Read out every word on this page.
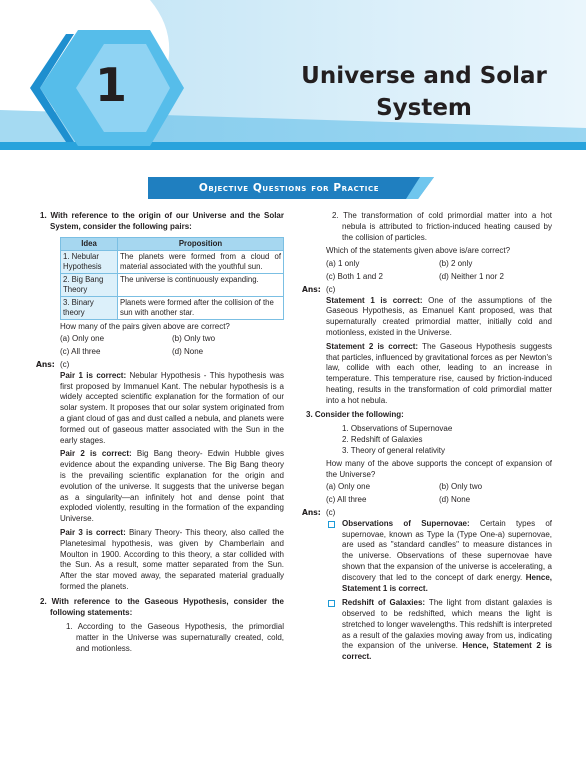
1	Universe and Solar
System
Objective Questions for Practice
1. With reference to the origin of our Universe and the Solar System, consider the following pairs:
Idea	Proposition
1. Nebular Hypothesis	The planets were formed from a cloud of material associated with the youthful sun.
2. Big Bang Theory	The universe is continuously expanding.
3. Binary theory	Planets were formed after the collision of the sun with another star.
How many of the pairs given above are correct?
(a) Only one	(b) Only two
(c) All three	(d) None
Ans: (c)
Pair 1 is correct: Nebular Hypothesis - This hypothesis was first proposed by Immanuel Kant. The nebular hypothesis is a widely accepted scientific explanation for the formation of our solar system. It proposes that our solar system originated from a giant cloud of gas and dust called a nebula, and planets were formed out of gaseous matter associated with the Sun in the early stages.
Pair 2 is correct: Big Bang theory- Edwin Hubble gives evidence about the expanding universe. The Big Bang theory is the prevailing scientific explanation for the origin and evolution of the universe. It suggests that the universe began as a singularity—an infinitely hot and dense point that exploded violently, resulting in the formation of the expanding Universe.
Pair 3 is correct: Binary Theory- This theory, also called the Planetesimal hypothesis, was given by Chamberlain and Moulton in 1900. According to this theory, a star collided with the Sun. As a result, some matter separated from the Sun. After the star moved away, the separated material gradually formed the planets.
2. With reference to the Gaseous Hypothesis, consider the following statements:
1. According to the Gaseous Hypothesis, the primordial matter in the Universe was supernaturally created, cold, and motionless.
2. The transformation of cold primordial matter into a hot nebula is attributed to friction-induced heating caused by the collision of particles.
Which of the statements given above is/are correct?
(a) 1 only	(b) 2 only
(c) Both 1 and 2	(d) Neither 1 nor 2
Ans: (c)
Statement 1 is correct: One of the assumptions of the Gaseous Hypothesis, as Emanuel Kant proposed, was that supernaturally created primordial matter, initially cold and motionless, existed in the Universe.
Statement 2 is correct: The Gaseous Hypothesis suggests that particles, influenced by gravitational forces as per Newton's law, collide with each other, leading to an increase in temperature. This temperature rise, caused by friction-induced heating, results in the transformation of cold primordial matter into a hot nebula.
3. Consider the following:
1. Observations of Supernovae
2. Redshift of Galaxies
3. Theory of general relativity
How many of the above supports the concept of expansion of the Universe?
(a) Only one	(b) Only two
(c) All three	(d) None
Ans: (c)
Observations of Supernovae: Certain types of supernovae, known as Type Ia (Type One-a) supernovae, are used as "standard candles" to measure distances in the universe. Observations of these supernovae have shown that the expansion of the universe is accelerating, a discovery that led to the concept of dark energy. Hence, Statement 1 is correct.
Redshift of Galaxies: The light from distant galaxies is observed to be redshifted, which means the light is stretched to longer wavelengths. This redshift is interpreted as a result of the galaxies moving away from us, indicating the expansion of the universe. Hence, Statement 2 is correct.
